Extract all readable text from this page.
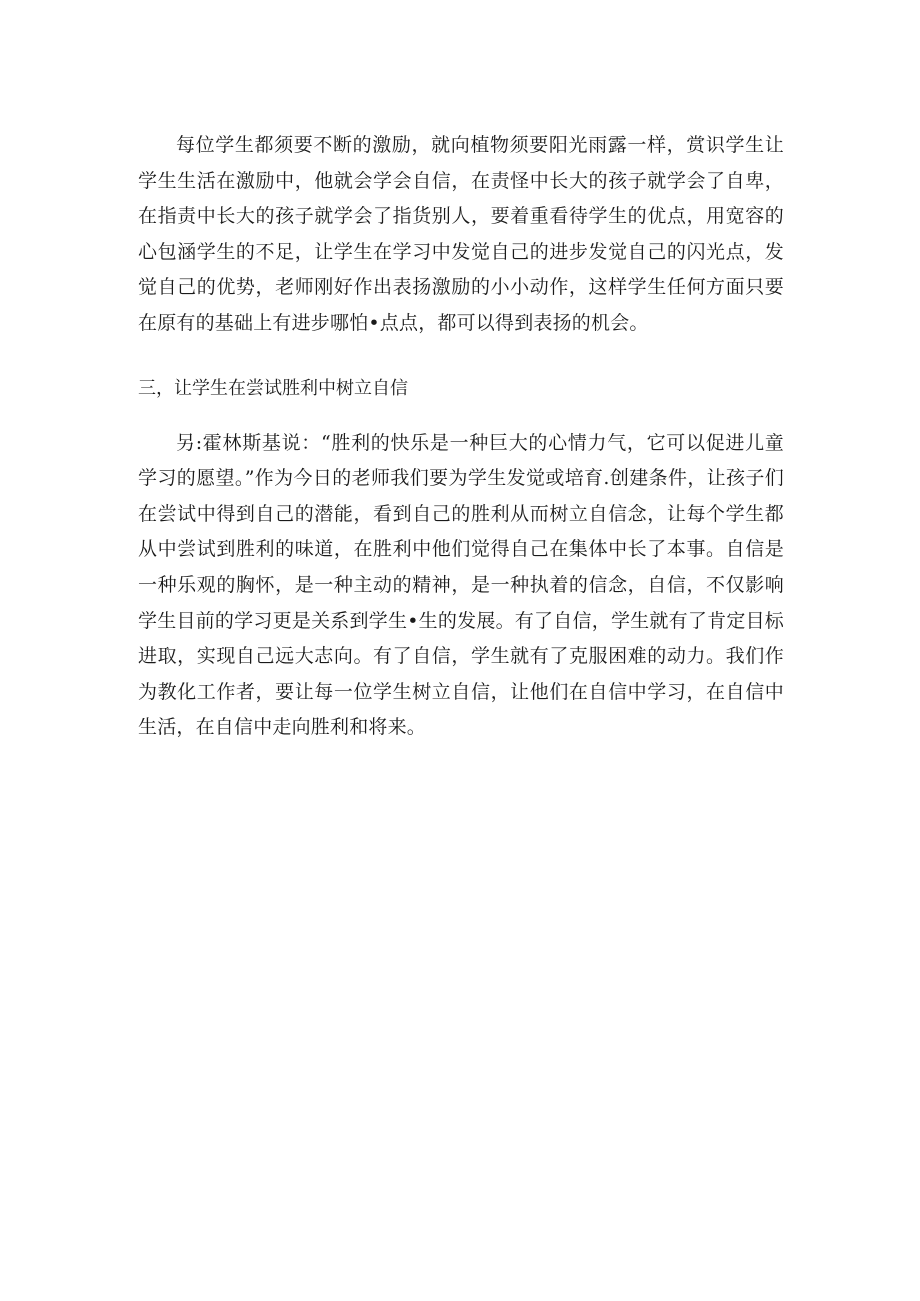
每位学生都须要不断的激励，就向植物须要阳光雨露一样，赏识学生让学生生活在激励中，他就会学会自信，在责怪中长大的孩子就学会了自卑，在指责中长大的孩子就学会了指货别人，要着重看待学生的优点，用宽容的心包涵学生的不足，让学生在学习中发觉自己的进步发觉自己的闪光点，发觉自己的优势，老师刚好作出表扬激励的小小动作，这样学生任何方面只要在原有的基础上有进步哪怕•点点，都可以得到表扬的机会。

三，让学生在尝试胜利中树立自信

另:霍林斯基说：“胜利的快乐是一种巨大的心情力气，它可以促进儿童学习的愿望。”作为今日的老师我们要为学生发觉或培育.创建条件，让孩子们在尝试中得到自己的潜能，看到自己的胜利从而树立自信念，让每个学生都从中尝试到胜利的味道，在胜利中他们觉得自己在集体中长了本事。自信是一种乐观的胸怀，是一种主动的精神，是一种执着的信念，自信，不仅影响学生目前的学习更是关系到学生•生的发展。有了自信，学生就有了肯定目标进取，实现自己远大志向。有了自信，学生就有了克服困难的动力。我们作为教化工作者，要让每一位学生树立自信，让他们在自信中学习，在自信中生活，在自信中走向胜利和将来。
